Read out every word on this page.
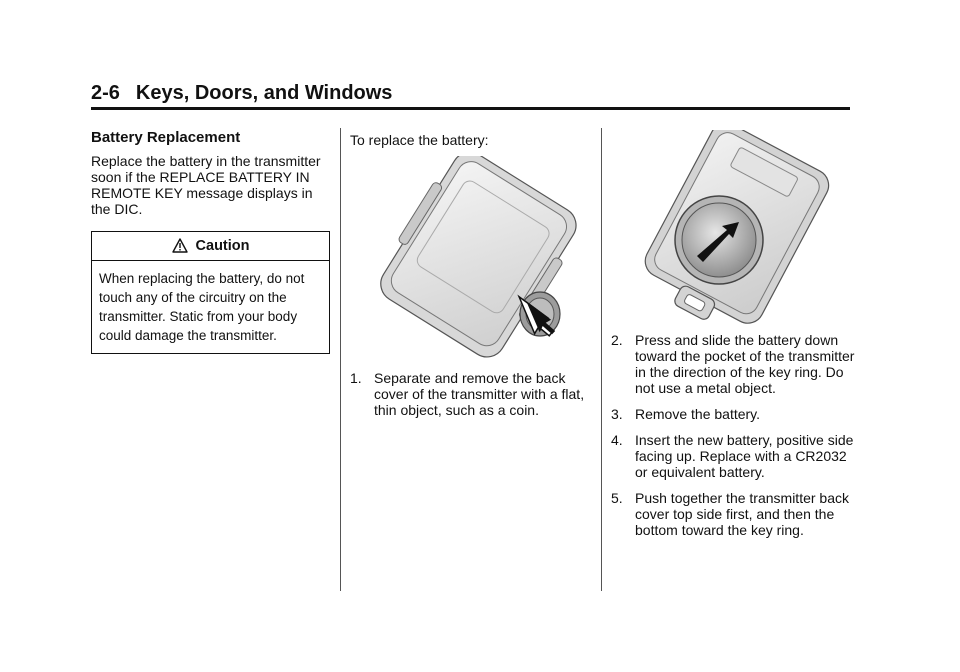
2-6 Keys, Doors, and Windows
Battery Replacement

Replace the battery in the transmitter soon if the REPLACE BATTERY IN REMOTE KEY message displays in the DIC.

Caution
When replacing the battery, do not touch any of the circuitry on the transmitter. Static from your body could damage the transmitter.

To replace the battery:

1. Separate and remove the back cover of the transmitter with a flat, thin object, such as a coin.
2. Press and slide the battery down toward the pocket of the transmitter in the direction of the key ring. Do not use a metal object.
3. Remove the battery.
4. Insert the new battery, positive side facing up. Replace with a CR2032 or equivalent battery.
5. Push together the transmitter back cover top side first, and then the bottom toward the key ring.
